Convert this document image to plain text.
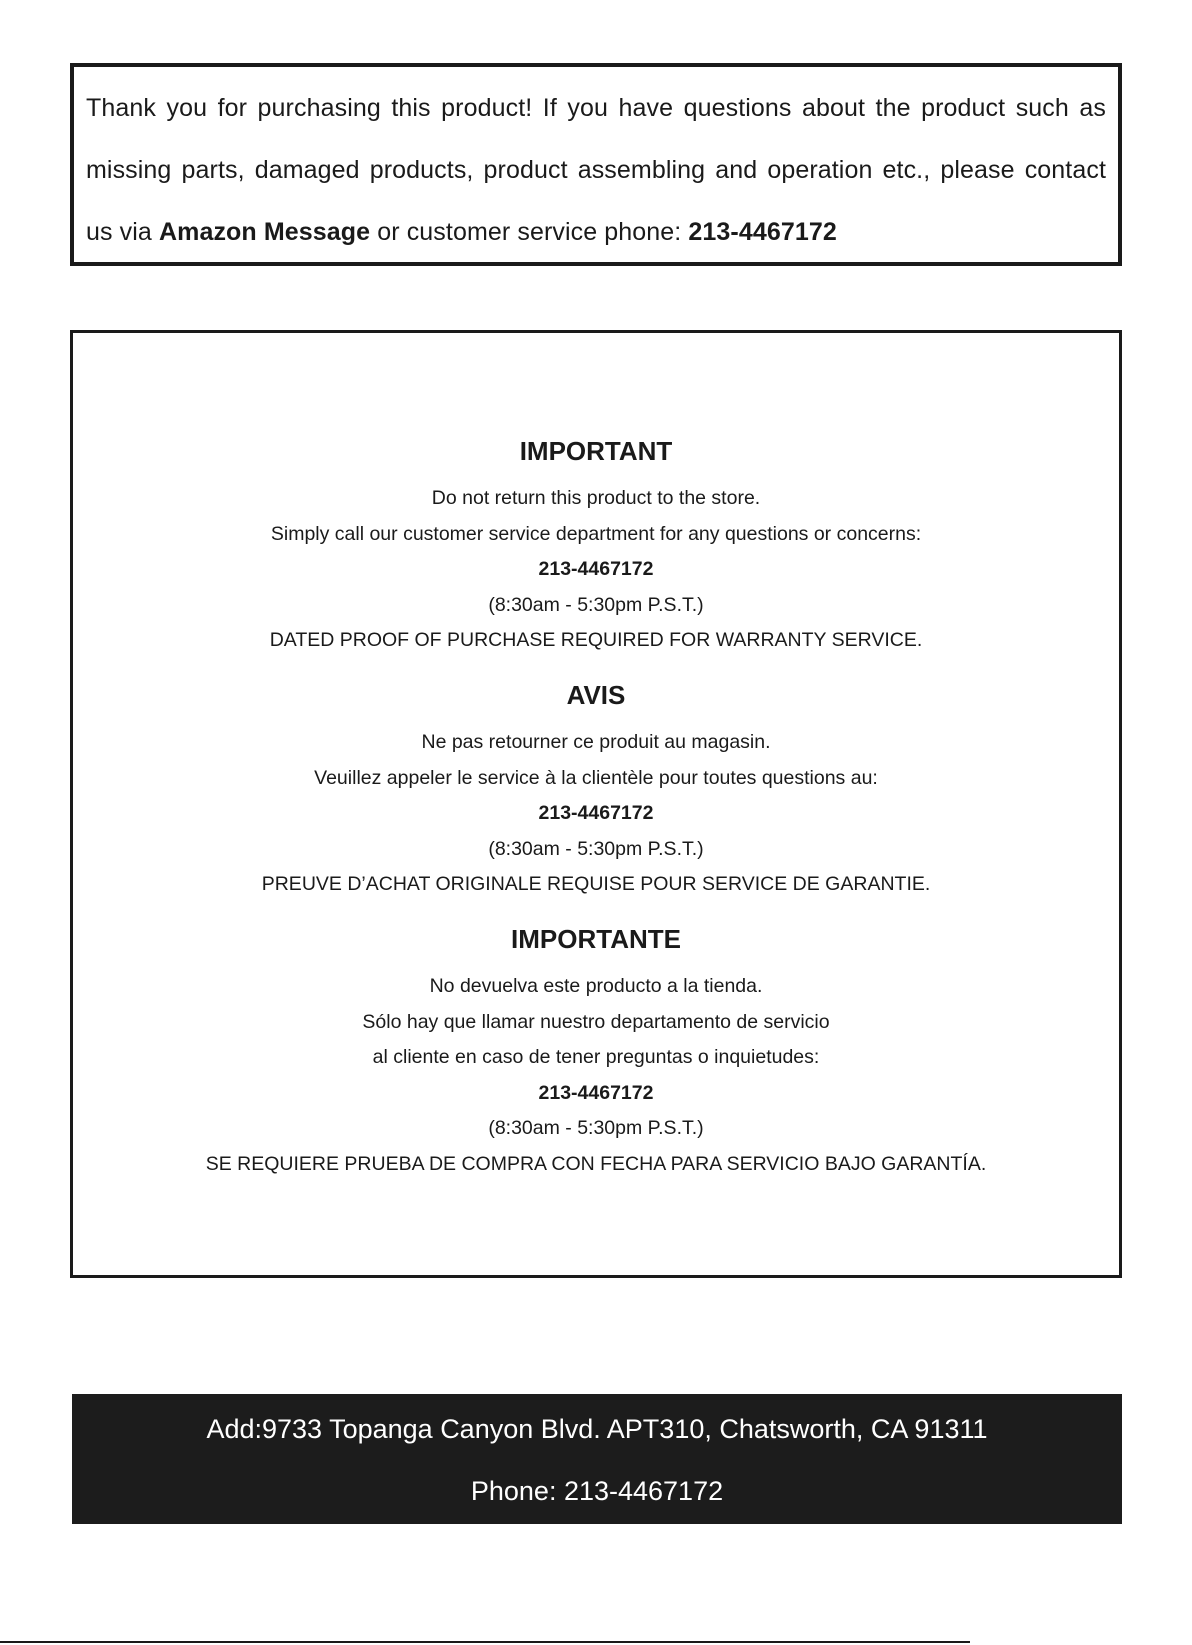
Thank you for purchasing this product! If you have questions about the product such as missing parts, damaged products, product assembling and operation etc., please contact us via Amazon Message or customer service phone: 213-4467172

IMPORTANT

Do not return this product to the store.

Simply call our customer service department for any questions or concerns:

213-4467172

(8:30am - 5:30pm P.S.T.)

DATED PROOF OF PURCHASE REQUIRED FOR WARRANTY SERVICE.

AVIS

Ne pas retourner ce produit au magasin.

Veuillez appeler le service à la clientèle pour toutes questions au:

213-4467172

(8:30am - 5:30pm P.S.T.)

PREUVE D’ACHAT ORIGINALE REQUISE POUR SERVICE DE GARANTIE.

IMPORTANTE

No devuelva este producto a la tienda.

Sólo hay que llamar nuestro departamento de servicio

al cliente en caso de tener preguntas o inquietudes:

213-4467172

(8:30am - 5:30pm P.S.T.)

SE REQUIERE PRUEBA DE COMPRA CON FECHA PARA SERVICIO BAJO GARANTÍA.

Add:9733 Topanga Canyon Blvd. APT310, Chatsworth, CA 91311

Phone: 213-4467172
